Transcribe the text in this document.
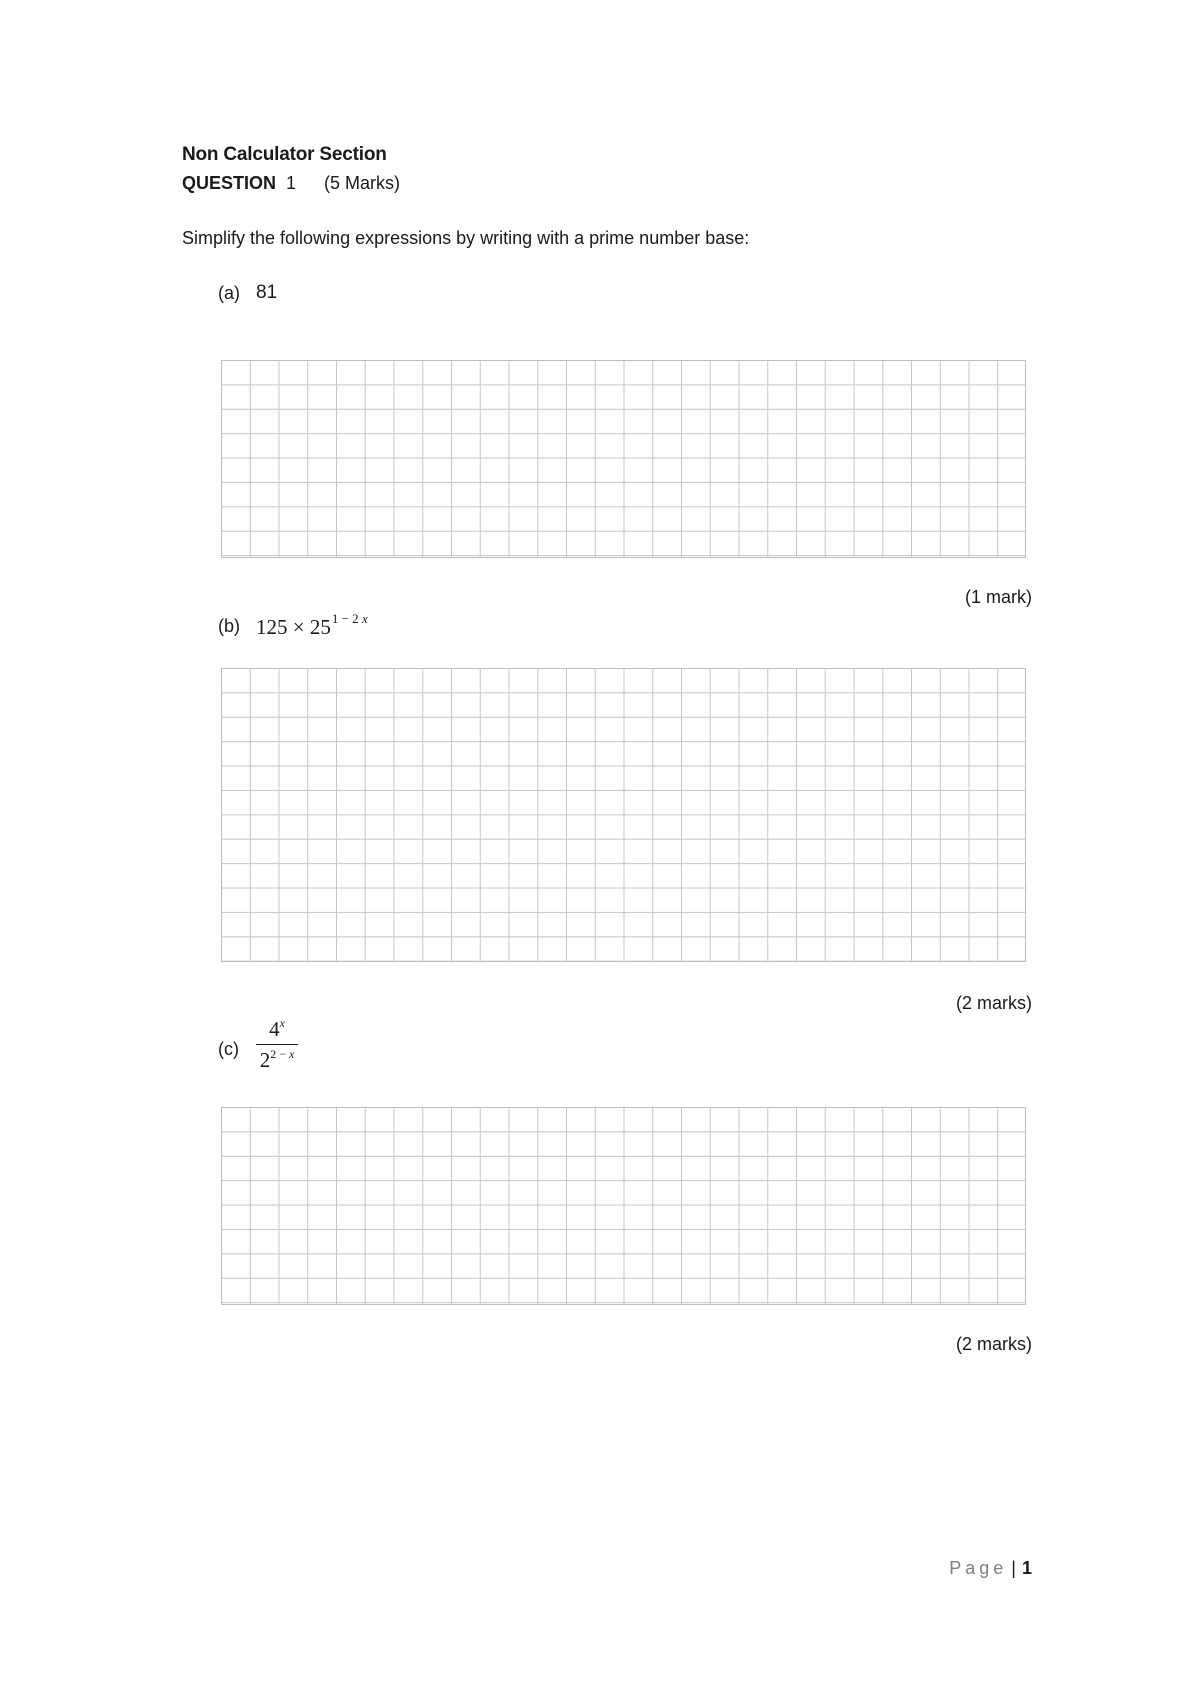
Non Calculator Section
QUESTION 1 (5 Marks)
Simplify the following expressions by writing with a prime number base:
(a) 81
(1 mark)
(b) $125 \times 25^{1 - 2 x}$
(2 marks)
$(c) \frac{4^x}{2^{2 - x}}$
(2 marks)
Page | 1
